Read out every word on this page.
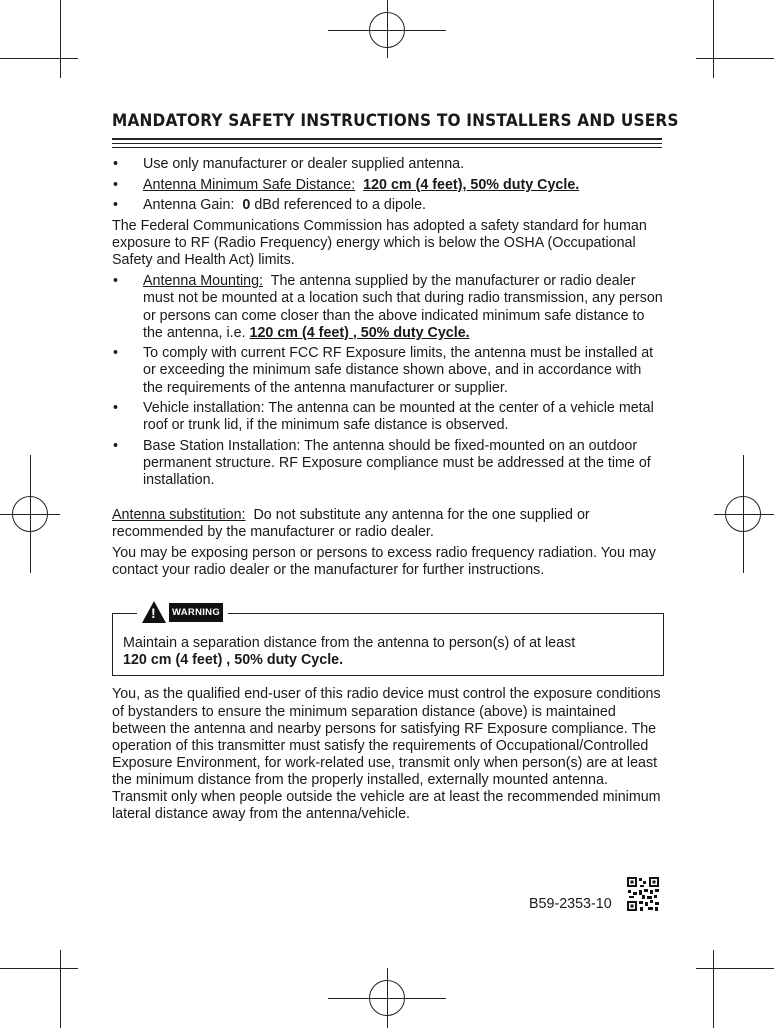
MANDATORY SAFETY INSTRUCTIONS TO INSTALLERS AND USERS
• Use only manufacturer or dealer supplied antenna.
• Antenna Minimum Safe Distance: 120 cm (4 feet), 50% duty Cycle.
• Antenna Gain: 0 dBd referenced to a dipole.
The Federal Communications Commission has adopted a safety standard for human exposure to RF (Radio Frequency) energy which is below the OSHA (Occupational Safety and Health Act) limits.
• Antenna Mounting: The antenna supplied by the manufacturer or radio dealer must not be mounted at a location such that during radio transmission, any person or persons can come closer than the above indicated minimum safe distance to the antenna, i.e. 120 cm (4 feet) , 50% duty Cycle.
• To comply with current FCC RF Exposure limits, the antenna must be installed at or exceeding the minimum safe distance shown above, and in accordance with the requirements of the antenna manufacturer or supplier.
• Vehicle installation: The antenna can be mounted at the center of a vehicle metal roof or trunk lid, if the minimum safe distance is observed.
• Base Station Installation: The antenna should be fixed-mounted on an outdoor permanent structure. RF Exposure compliance must be addressed at the time of installation.
Antenna substitution: Do not substitute any antenna for the one supplied or recommended by the manufacturer or radio dealer.
You may be exposing person or persons to excess radio frequency radiation. You may contact your radio dealer or the manufacturer for further instructions.
!	WARNING
Maintain a separation distance from the antenna to person(s) of at least
120 cm (4 feet) , 50% duty Cycle.
You, as the qualified end-user of this radio device must control the exposure conditions of bystanders to ensure the minimum separation distance (above) is maintained between the antenna and nearby persons for satisfying RF Exposure compliance. The operation of this transmitter must satisfy the requirements of Occupational/Controlled Exposure Environment, for work-related use, transmit only when person(s) are at least the minimum distance from the properly installed, externally mounted antenna. Transmit only when people outside the vehicle are at least the recommended minimum lateral distance away from the antenna/vehicle.
B59-2353-10
